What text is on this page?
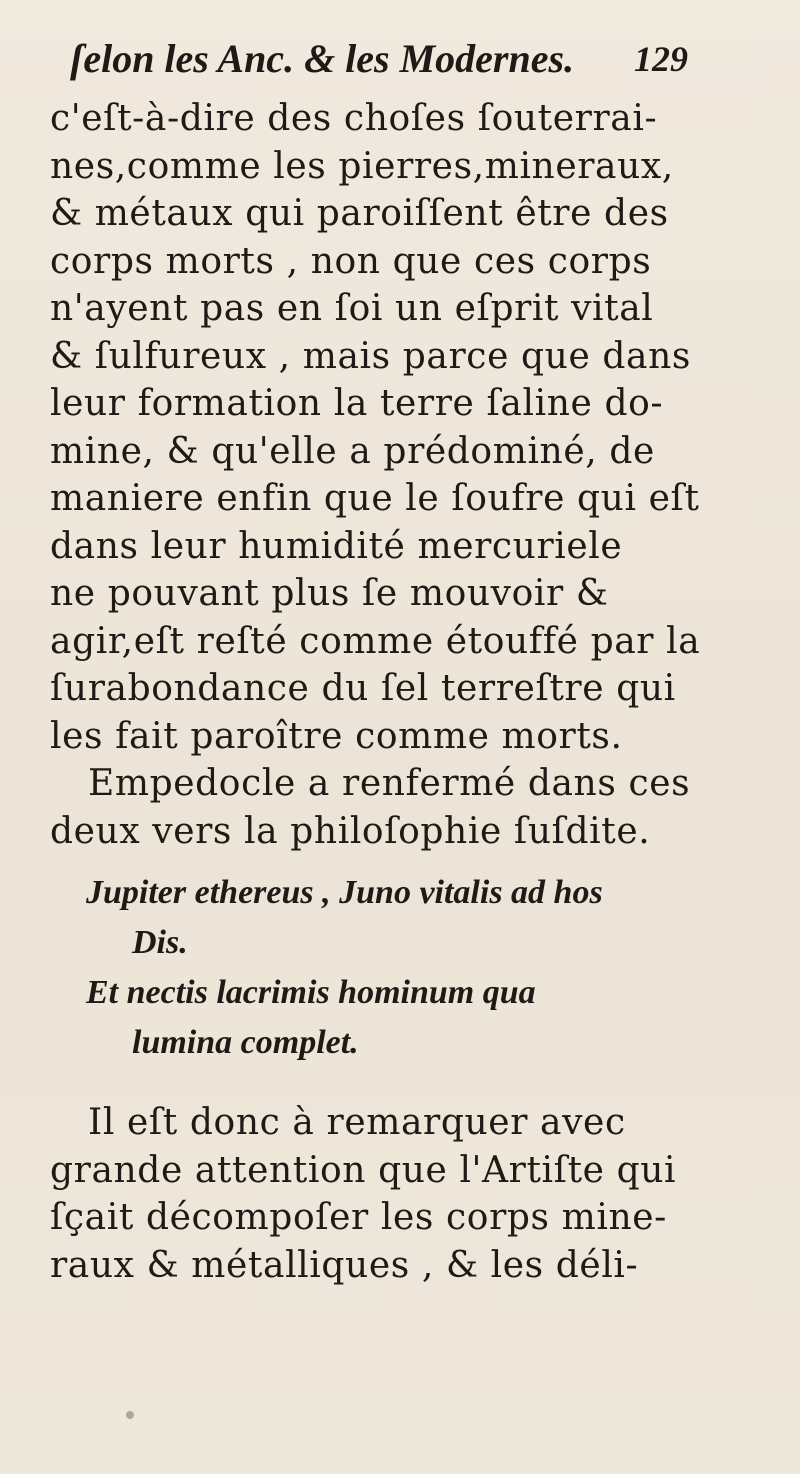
ſelon les Anc. & les Modernes.	129
c'eſt-à-dire des choſes ſouterrai-
nes,comme les pierres,mineraux,
& métaux qui paroiſſent être des
corps morts , non que ces corps
n'ayent pas en ſoi un eſprit vital
& ſulfureux , mais parce que dans
leur formation la terre ſaline do-
mine, & qu'elle a prédominé, de
maniere enfin que le ſoufre qui eſt
dans leur humidité mercuriele
ne pouvant plus ſe mouvoir &
agir,eſt reſté comme étouffé par la
ſurabondance du ſel terreſtre qui
les fait paroître comme morts.
Empedocle a renfermé dans ces
deux vers la philoſophie ſuſdite.
Jupiter ethereus , Juno vitalis ad hos
Dis.
Et nectis lacrimis hominum qua
lumina complet.
Il eſt donc à remarquer avec
grande attention que l'Artiſte qui
ſçait décompoſer les corps mine-
raux & métalliques , & les déli-
